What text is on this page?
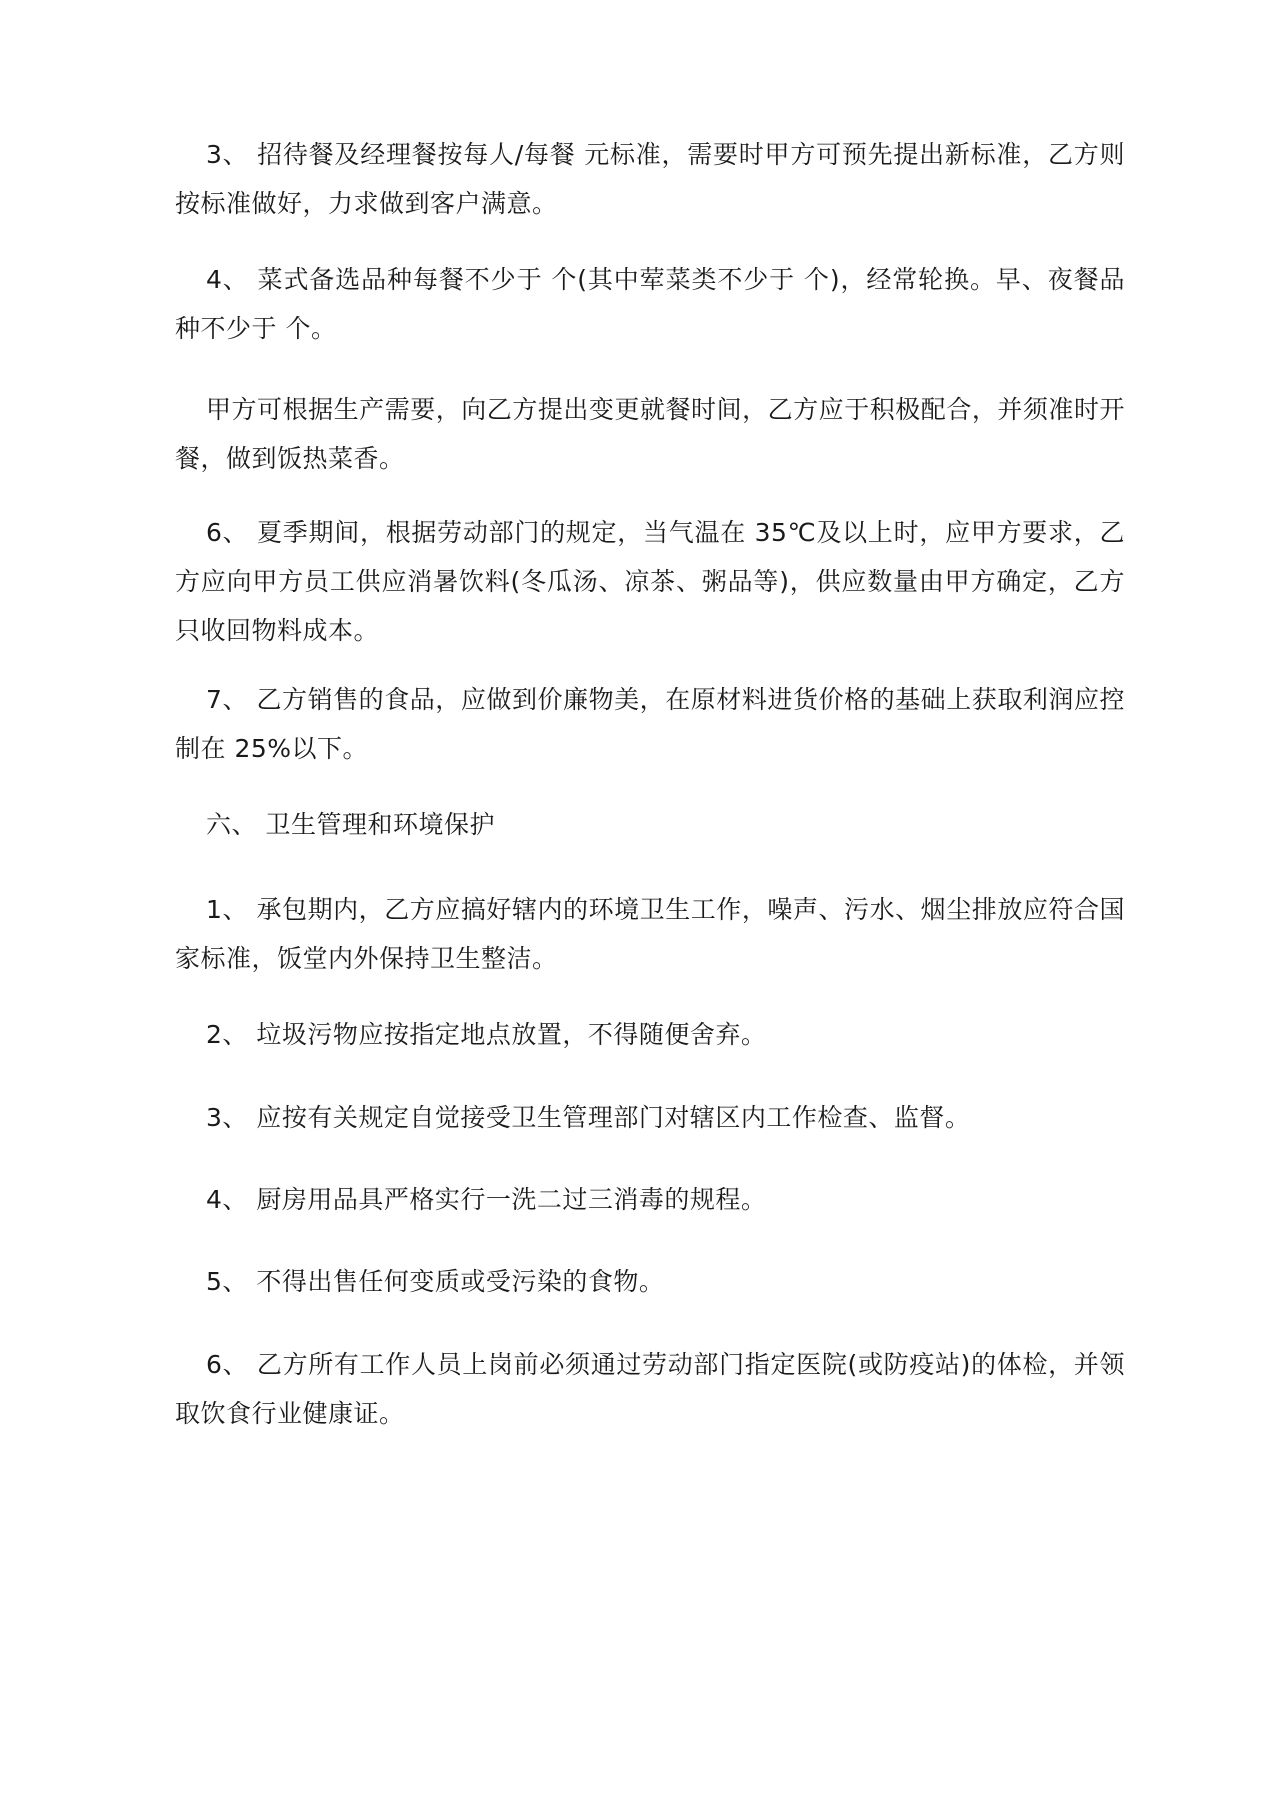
3、 招待餐及经理餐按每人/每餐 元标准，需要时甲方可预先提出新标准，乙方则按标准做好，力求做到客户满意。

4、 菜式备选品种每餐不少于 个(其中荤菜类不少于 个)，经常轮换。早、夜餐品种不少于 个。

甲方可根据生产需要，向乙方提出变更就餐时间，乙方应于积极配合，并须准时开餐，做到饭热菜香。

6、 夏季期间，根据劳动部门的规定，当气温在 35℃及以上时，应甲方要求，乙方应向甲方员工供应消暑饮料(冬瓜汤、凉茶、粥品等)，供应数量由甲方确定，乙方只收回物料成本。

7、 乙方销售的食品，应做到价廉物美，在原材料进货价格的基础上获取利润应控制在 25%以下。

六、 卫生管理和环境保护

1、 承包期内，乙方应搞好辖内的环境卫生工作，噪声、污水、烟尘排放应符合国家标准，饭堂内外保持卫生整洁。

2、 垃圾污物应按指定地点放置，不得随便舍弃。

3、 应按有关规定自觉接受卫生管理部门对辖区内工作检查、监督。

4、 厨房用品具严格实行一洗二过三消毒的规程。

5、 不得出售任何变质或受污染的食物。

6、 乙方所有工作人员上岗前必须通过劳动部门指定医院(或防疫站)的体检，并领取饮食行业健康证。
